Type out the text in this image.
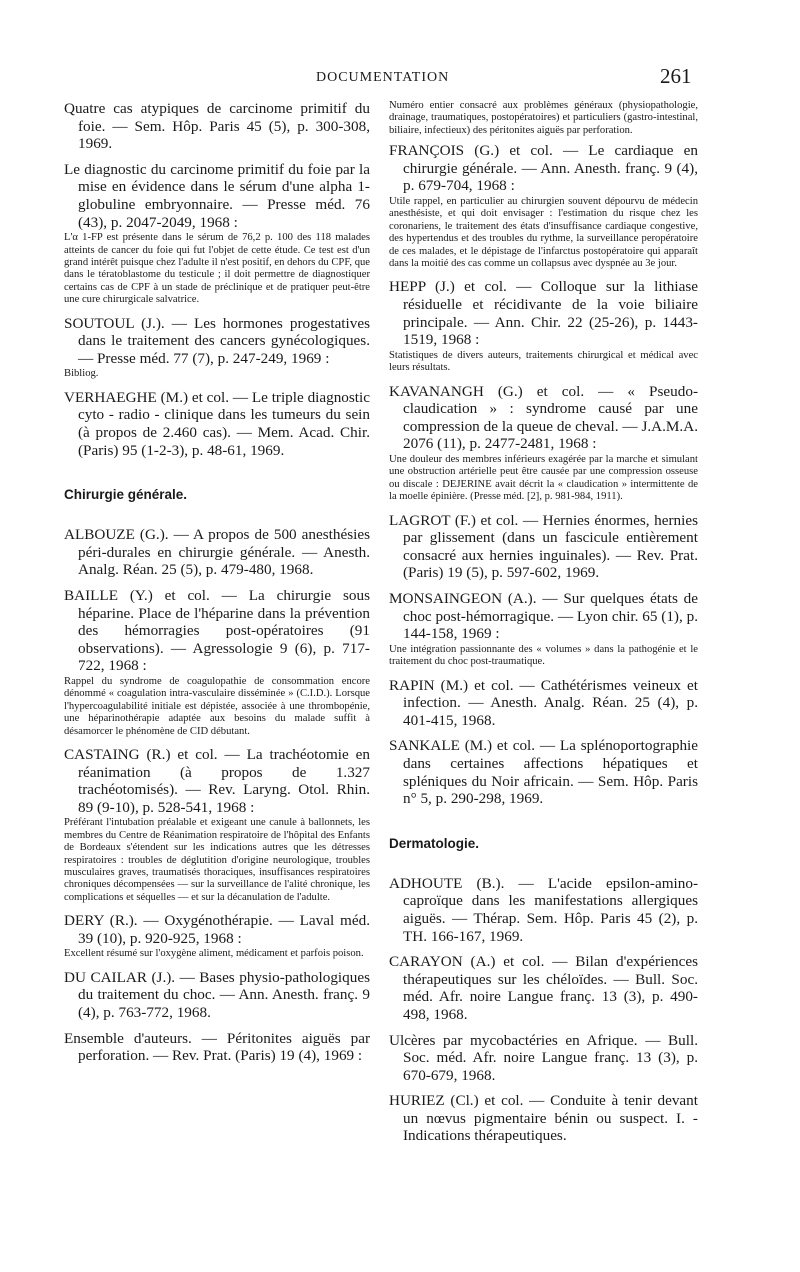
DOCUMENTATION	261
Quatre cas atypiques de carcinome primitif du foie. — Sem. Hôp. Paris 45 (5), p. 300-308, 1969.
Le diagnostic du carcinome primitif du foie par la mise en évidence dans le sérum d'une alpha 1-globuline embryonnaire. — Presse méd. 76 (43), p. 2047-2049, 1968 :
L'α 1-FP est présente dans le sérum de 76,2 p. 100 des 118 malades atteints de cancer du foie qui fut l'objet de cette étude. Ce test est d'un grand intérêt puisque chez l'adulte il n'est positif, en dehors du CPF, que dans le tératoblastome du testicule ; il doit permettre de diagnostiquer certains cas de CPF à un stade de préclinique et de pratiquer peut-être une cure chirurgicale salvatrice.
SOUTOUL (J.). — Les hormones progestatives dans le traitement des cancers gynécologiques. — Presse méd. 77 (7), p. 247-249, 1969 :
Bibliog.
VERHAEGHE (M.) et col. — Le triple diagnostic cyto - radio - clinique dans les tumeurs du sein (à propos de 2.460 cas). — Mem. Acad. Chir. (Paris) 95 (1-2-3), p. 48-61, 1969.
Chirurgie générale.
ALBOUZE (G.). — A propos de 500 anesthésies péri-durales en chirurgie générale. — Anesth. Analg. Réan. 25 (5), p. 479-480, 1968.
BAILLE (Y.) et col. — La chirurgie sous héparine. Place de l'héparine dans la prévention des hémorragies post-opératoires (91 observations). — Agressologie 9 (6), p. 717-722, 1968 :
Rappel du syndrome de coagulopathie de consommation encore dénommé « coagulation intra-vasculaire disséminée » (C.I.D.). Lorsque l'hypercoagulabilité initiale est dépistée, associée à une thrombopénie, une héparinothérapie adaptée aux besoins du malade suffit à désamorcer le phénomène de CID débutant.
CASTAING (R.) et col. — La trachéotomie en réanimation (à propos de 1.327 trachéotomisés). — Rev. Laryng. Otol. Rhin. 89 (9-10), p. 528-541, 1968 :
Préférant l'intubation préalable et exigeant une canule à ballonnets, les membres du Centre de Réanimation respiratoire de l'hôpital des Enfants de Bordeaux s'étendent sur les indications autres que les détresses respiratoires : troubles de déglutition d'origine neurologique, troubles musculaires graves, traumatisés thoraciques, insuffisances respiratoires chroniques décompensées — sur la surveillance de l'alité chronique, les complications et séquelles — et sur la décanulation de l'adulte.
DERY (R.). — Oxygénothérapie. — Laval méd. 39 (10), p. 920-925, 1968 :
Excellent résumé sur l'oxygène aliment, médicament et parfois poison.
DU CAILAR (J.). — Bases physio-pathologiques du traitement du choc. — Ann. Anesth. franç. 9 (4), p. 763-772, 1968.
Ensemble d'auteurs. — Péritonites aiguës par perforation. — Rev. Prat. (Paris) 19 (4), 1969 :
Numéro entier consacré aux problèmes généraux (physiopathologie, drainage, traumatiques, postopératoires) et particuliers (gastro-intestinal, biliaire, infectieux) des péritonites aiguës par perforation.
FRANÇOIS (G.) et col. — Le cardiaque en chirurgie générale. — Ann. Anesth. franç. 9 (4), p. 679-704, 1968 :
Utile rappel, en particulier au chirurgien souvent dépourvu de médecin anesthésiste, et qui doit envisager : l'estimation du risque chez les coronariens, le traitement des états d'insuffisance cardiaque congestive, des hypertendus et des troubles du rythme, la surveillance peropératoire de ces malades, et le dépistage de l'infarctus postopératoire qui apparaît dans la moitié des cas comme un collapsus avec dyspnée au 3e jour.
HEPP (J.) et col. — Colloque sur la lithiase résiduelle et récidivante de la voie biliaire principale. — Ann. Chir. 22 (25-26), p. 1443-1519, 1968 :
Statistiques de divers auteurs, traitements chirurgical et médical avec leurs résultats.
KAVANANGH (G.) et col. — « Pseudo-claudication » : syndrome causé par une compression de la queue de cheval. — J.A.M.A. 2076 (11), p. 2477-2481, 1968 :
Une douleur des membres inférieurs exagérée par la marche et simulant une obstruction artérielle peut être causée par une compression osseuse ou discale : DEJERINE avait décrit la « claudication » intermittente de la moelle épinière. (Presse méd. [2], p. 981-984, 1911).
LAGROT (F.) et col. — Hernies énormes, hernies par glissement (dans un fascicule entièrement consacré aux hernies inguinales). — Rev. Prat. (Paris) 19 (5), p. 597-602, 1969.
MONSAINGEON (A.). — Sur quelques états de choc post-hémorragique. — Lyon chir. 65 (1), p. 144-158, 1969 :
Une intégration passionnante des « volumes » dans la pathogénie et le traitement du choc post-traumatique.
RAPIN (M.) et col. — Cathétérismes veineux et infection. — Anesth. Analg. Réan. 25 (4), p. 401-415, 1968.
SANKALE (M.) et col. — La splénoportographie dans certaines affections hépatiques et spléniques du Noir africain. — Sem. Hôp. Paris n° 5, p. 290-298, 1969.
Dermatologie.
ADHOUTE (B.). — L'acide epsilon-amino-caproïque dans les manifestations allergiques aiguës. — Thérap. Sem. Hôp. Paris 45 (2), p. TH. 166-167, 1969.
CARAYON (A.) et col. — Bilan d'expériences thérapeutiques sur les chéloïdes. — Bull. Soc. méd. Afr. noire Langue franç. 13 (3), p. 490-498, 1968.
Ulcères par mycobactéries en Afrique. — Bull. Soc. méd. Afr. noire Langue franç. 13 (3), p. 670-679, 1968.
HURIEZ (Cl.) et col. — Conduite à tenir devant un nœvus pigmentaire bénin ou suspect. I. - Indications thérapeutiques.
